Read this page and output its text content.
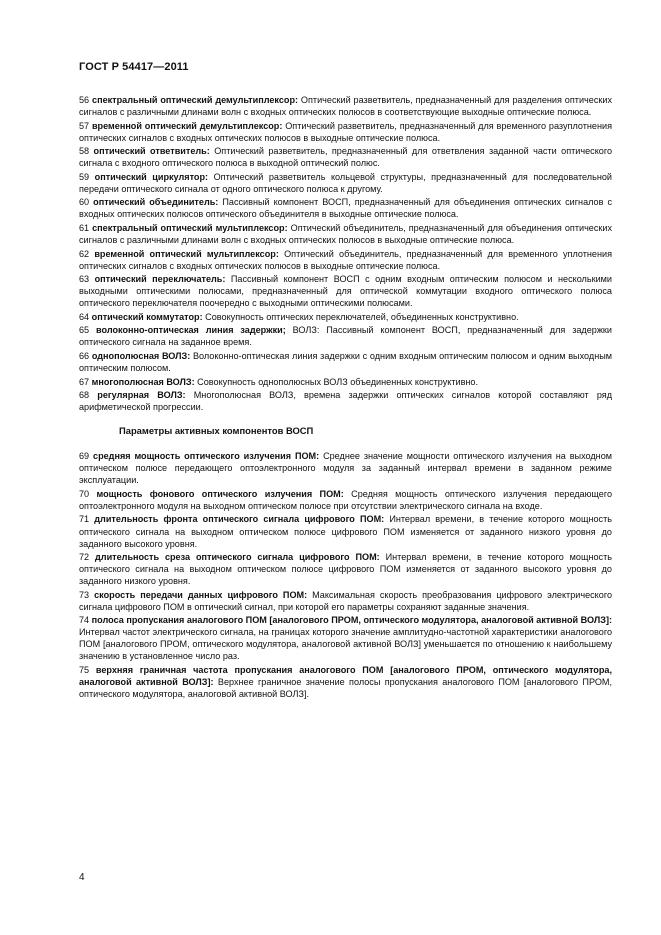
ГОСТ Р 54417—2011
56 спектральный оптический демультиплексор: Оптический разветвитель, предназначенный для разделения оптических сигналов с различными длинами волн с входных оптических полюсов в соответствующие выходные оптические полюса.
57 временной оптический демультиплексор: Оптический разветвитель, предназначенный для временного разуплотнения оптических сигналов с входных оптических полюсов в выходные оптические полюса.
58 оптический ответвитель: Оптический разветвитель, предназначенный для ответвления заданной части оптического сигнала с входного оптического полюса в выходной оптический полюс.
59 оптический циркулятор: Оптический разветвитель кольцевой структуры, предназначенный для последовательной передачи оптического сигнала от одного оптического полюса к другому.
60 оптический объединитель: Пассивный компонент ВОСП, предназначенный для объединения оптических сигналов с входных оптических полюсов оптического объединителя в выходные оптические полюса.
61 спектральный оптический мультиплексор: Оптический объединитель, предназначенный для объединения оптических сигналов с различными длинами волн с входных оптических полюсов в выходные оптические полюса.
62 временной оптический мультиплексор: Оптический объединитель, предназначенный для временного уплотнения оптических сигналов с входных оптических полюсов в выходные оптические полюса.
63 оптический переключатель: Пассивный компонент ВОСП с одним входным оптическим полюсом и несколькими выходными оптическими полюсами, предназначенный для оптической коммутации входного оптического полюса оптического переключателя поочередно с выходными оптическими полюсами.
64 оптический коммутатор: Совокупность оптических переключателей, объединенных конструктивно.
65 волоконно-оптическая линия задержки; ВОЛЗ: Пассивный компонент ВОСП, предназначенный для задержки оптического сигнала на заданное время.
66 однополюсная ВОЛЗ: Волоконно-оптическая линия задержки с одним входным оптическим полюсом и одним выходным оптическим полюсом.
67 многополюсная ВОЛЗ: Совокупность однополюсных ВОЛЗ объединенных конструктивно.
68 регулярная ВОЛЗ: Многополюсная ВОЛЗ, времена задержки оптических сигналов которой составляют ряд арифметической прогрессии.
Параметры активных компонентов ВОСП
69 средняя мощность оптического излучения ПОМ: Среднее значение мощности оптического излучения на выходном оптическом полюсе передающего оптоэлектронного модуля за заданный интервал времени в заданном режиме эксплуатации.
70 мощность фонового оптического излучения ПОМ: Средняя мощность оптического излучения передающего оптоэлектронного модуля на выходном оптическом полюсе при отсутствии электрического сигнала на входе.
71 длительность фронта оптического сигнала цифрового ПОМ: Интервал времени, в течение которого мощность оптического сигнала на выходном оптическом полюсе цифрового ПОМ изменяется от заданного низкого уровня до заданного высокого уровня.
72 длительность среза оптического сигнала цифрового ПОМ: Интервал времени, в течение которого мощность оптического сигнала на выходном оптическом полюсе цифрового ПОМ изменяется от заданного высокого уровня до заданного низкого уровня.
73 скорость передачи данных цифрового ПОМ: Максимальная скорость преобразования цифрового электрического сигнала цифрового ПОМ в оптический сигнал, при которой его параметры сохраняют заданные значения.
74 полоса пропускания аналогового ПОМ [аналогового ПРОМ, оптического модулятора, аналоговой активной ВОЛЗ]: Интервал частот электрического сигнала, на границах которого значение амплитудно-частотной характеристики аналогового ПОМ [аналогового ПРОМ, оптического модулятора, аналоговой активной ВОЛЗ] уменьшается по отношению к наибольшему значению в установленное число раз.
75 верхняя граничная частота пропускания аналогового ПОМ [аналогового ПРОМ, оптического модулятора, аналоговой активной ВОЛЗ]: Верхнее граничное значение полосы пропускания аналогового ПОМ [аналогового ПРОМ, оптического модулятора, аналоговой активной ВОЛЗ].
4
